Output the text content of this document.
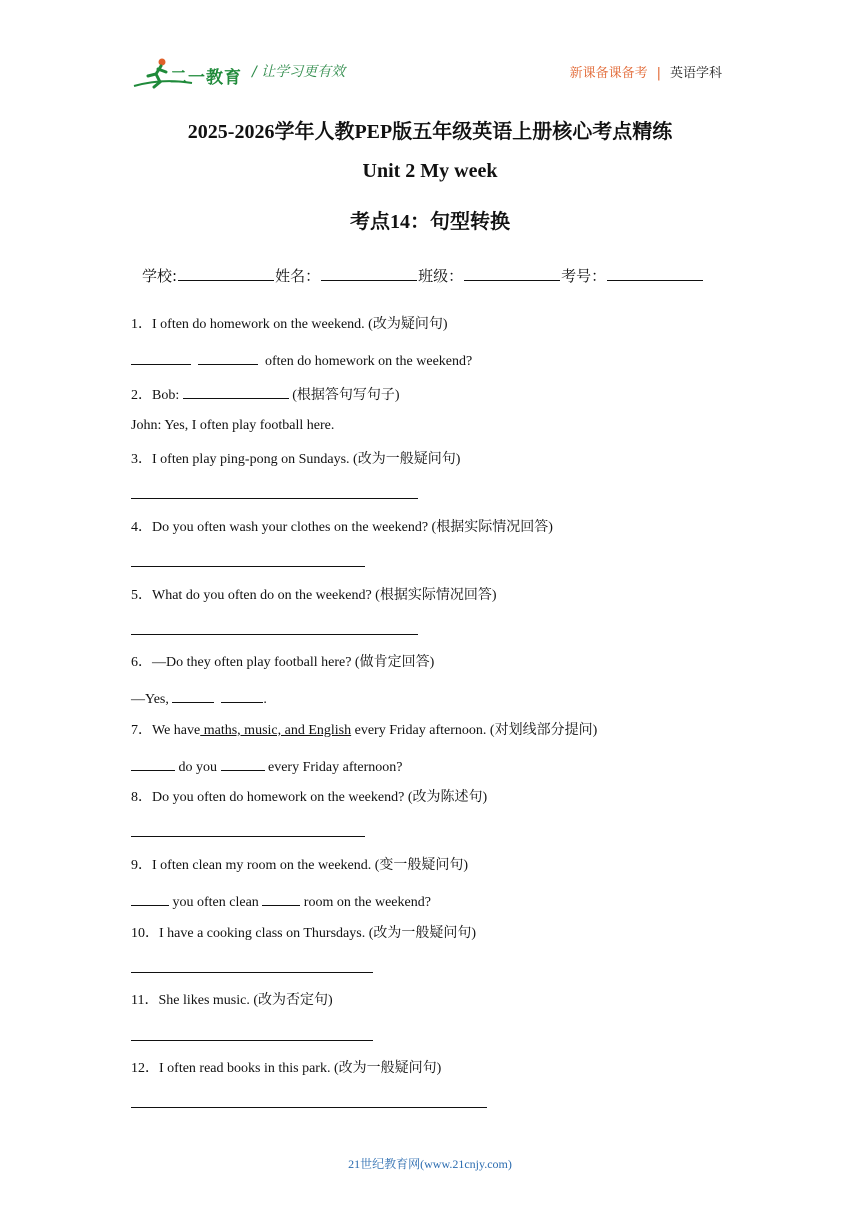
二一教育 / 让学习更有效	新课备课备考 | 英语学科
2025-2026学年人教PEP版五年级英语上册核心考点精练
Unit 2 My week
考点14：句型转换
学校:	姓名：	班级：	考号：
1．I often do homework on the weekend. (改为疑问句)
often do homework on the weekend?
2．Bob:	(根据答句写句子)
John: Yes, I often play football here.
3．I often play ping-pong on Sundays. (改为一般疑问句)
4．Do you often wash your clothes on the weekend? (根据实际情况回答)
5．What do you often do on the weekend? (根据实际情况回答)
6．—Do they often play football here? (做肯定回答)
—Yes,	.
7．We have maths, music, and English every Friday afternoon. (对划线部分提问)
do you	every Friday afternoon?
8．Do you often do homework on the weekend? (改为陈述句)
9．I often clean my room on the weekend. (变一般疑问句)
you often clean	room on the weekend?
10．I have a cooking class on Thursdays. (改为一般疑问句)
11．She likes music. (改为否定句)
12．I often read books in this park. (改为一般疑问句)
21世纪教育网(www.21cnjy.com)
